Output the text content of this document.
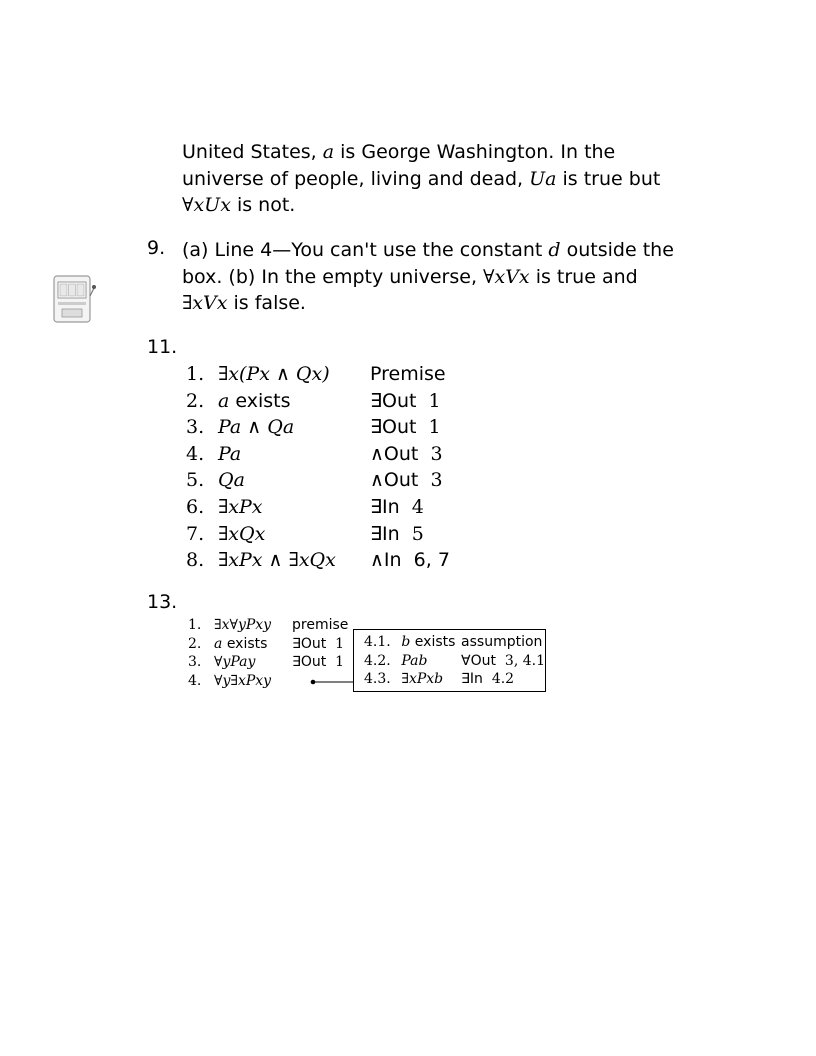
United States, a is George Washington. In the
universe of people, living and dead, Ua is true but
∀xUx is not.
9. (a) Line 4—You can't use the constant d outside the
box. (b) In the empty universe, ∀xVx is true and
∃xVx is false.
11.
1.	∃x(Px ∧ Qx)	Premise
2.	a exists	∃Out 1
3.	Pa ∧ Qa	∃Out 1
4.	Pa	∧Out 3
5.	Qa	∧Out 3
6.	∃xPx	∃In 4
7.	∃xQx	∃In 5
8.	∃xPx ∧ ∃xQx	∧In 6, 7
13.
1.	∃x∀yPxy	premise
2.	a exists	∃Out 1
3.	∀yPay	∃Out 1
4.	∀y∃xPxy	
4.1.	b exists	assumption
4.2.	Pab	∀Out 3, 4.1
4.3.	∃xPxb	∃In 4.2
